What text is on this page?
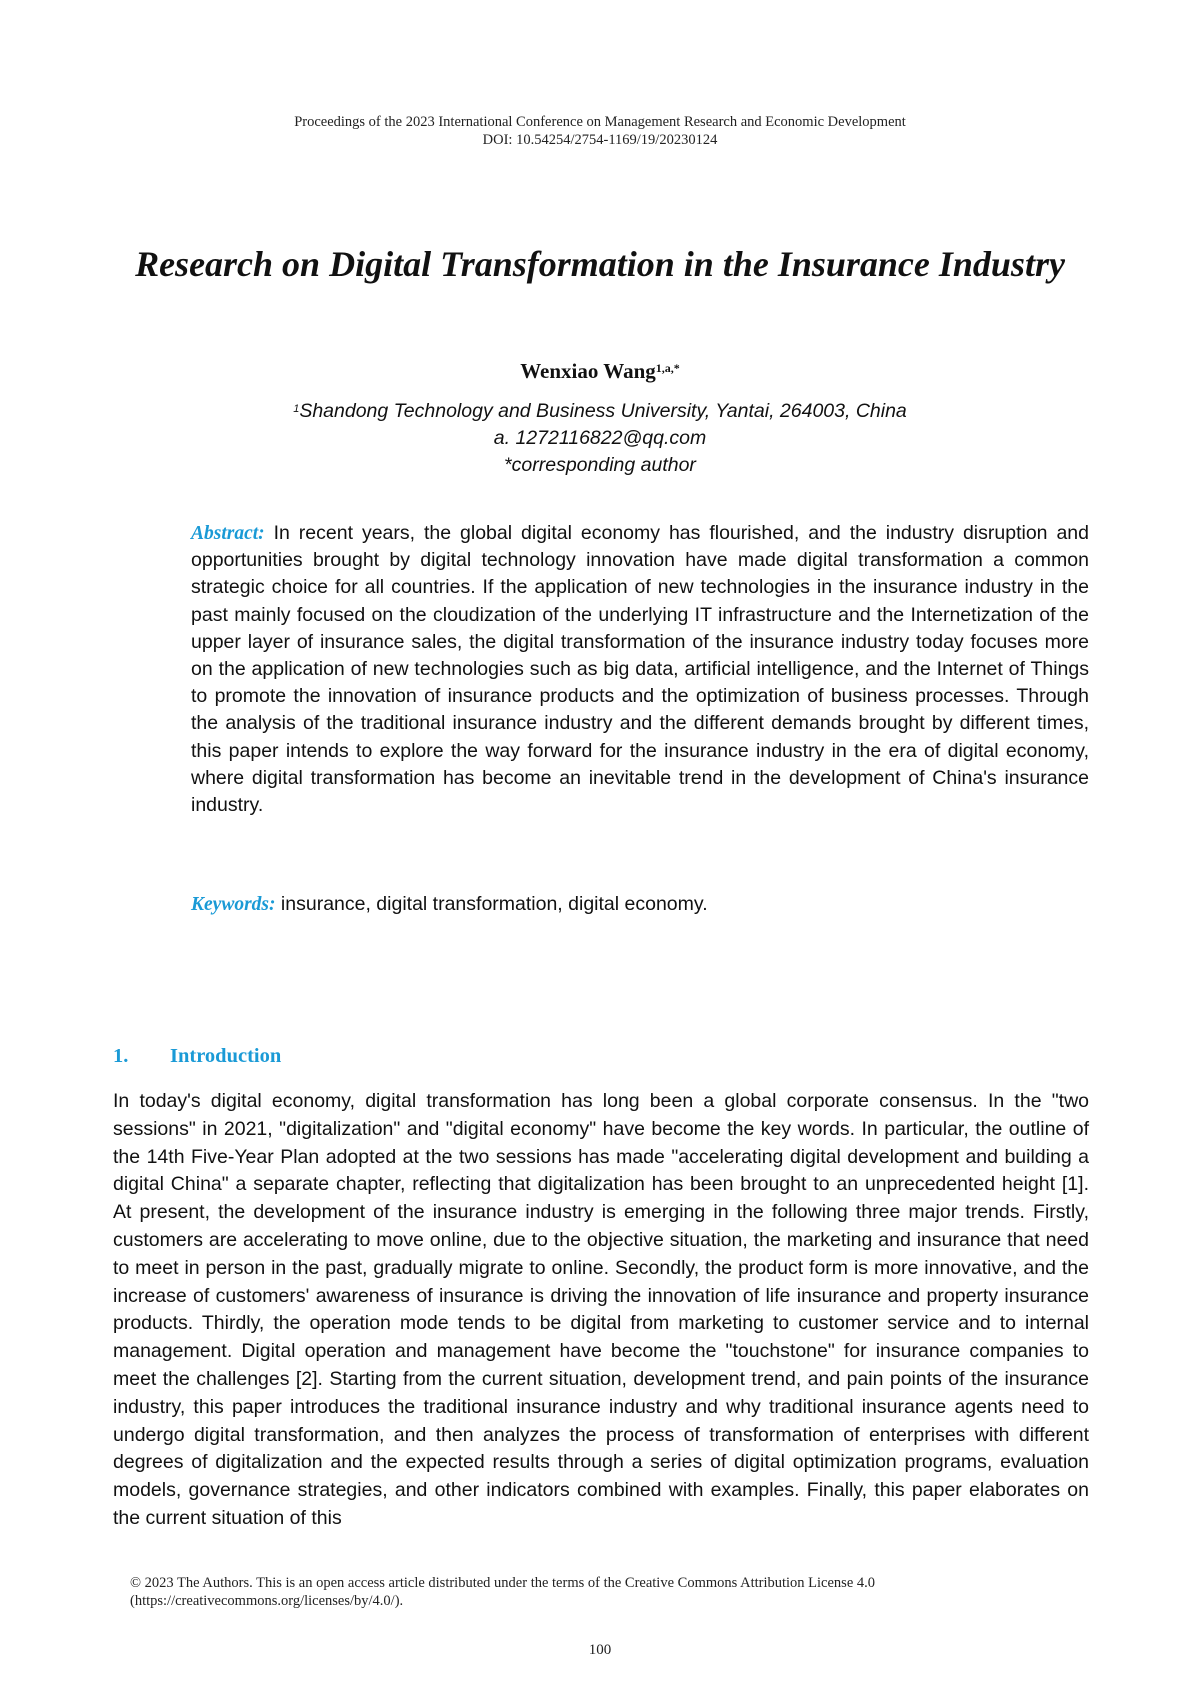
Proceedings of the 2023 International Conference on Management Research and Economic Development
DOI: 10.54254/2754-1169/19/20230124
Research on Digital Transformation in the Insurance Industry
Wenxiao Wang$^{1,a,*}$
$^1$Shandong Technology and Business University, Yantai, 264003, China
a. 1272116822@qq.com
*corresponding author
Abstract: In recent years, the global digital economy has flourished, and the industry disruption and opportunities brought by digital technology innovation have made digital transformation a common strategic choice for all countries. If the application of new technologies in the insurance industry in the past mainly focused on the cloudization of the underlying IT infrastructure and the Internetization of the upper layer of insurance sales, the digital transformation of the insurance industry today focuses more on the application of new technologies such as big data, artificial intelligence, and the Internet of Things to promote the innovation of insurance products and the optimization of business processes. Through the analysis of the traditional insurance industry and the different demands brought by different times, this paper intends to explore the way forward for the insurance industry in the era of digital economy, where digital transformation has become an inevitable trend in the development of China's insurance industry.
Keywords: insurance, digital transformation, digital economy.
1. Introduction
In today's digital economy, digital transformation has long been a global corporate consensus. In the "two sessions" in 2021, "digitalization" and "digital economy" have become the key words. In particular, the outline of the 14th Five-Year Plan adopted at the two sessions has made "accelerating digital development and building a digital China" a separate chapter, reflecting that digitalization has been brought to an unprecedented height [1]. At present, the development of the insurance industry is emerging in the following three major trends. Firstly, customers are accelerating to move online, due to the objective situation, the marketing and insurance that need to meet in person in the past, gradually migrate to online. Secondly, the product form is more innovative, and the increase of customers' awareness of insurance is driving the innovation of life insurance and property insurance products. Thirdly, the operation mode tends to be digital from marketing to customer service and to internal management. Digital operation and management have become the "touchstone" for insurance companies to meet the challenges [2]. Starting from the current situation, development trend, and pain points of the insurance industry, this paper introduces the traditional insurance industry and why traditional insurance agents need to undergo digital transformation, and then analyzes the process of transformation of enterprises with different degrees of digitalization and the expected results through a series of digital optimization programs, evaluation models, governance strategies, and other indicators combined with examples. Finally, this paper elaborates on the current situation of this
© 2023 The Authors. This is an open access article distributed under the terms of the Creative Commons Attribution License 4.0
(https://creativecommons.org/licenses/by/4.0/).
100
